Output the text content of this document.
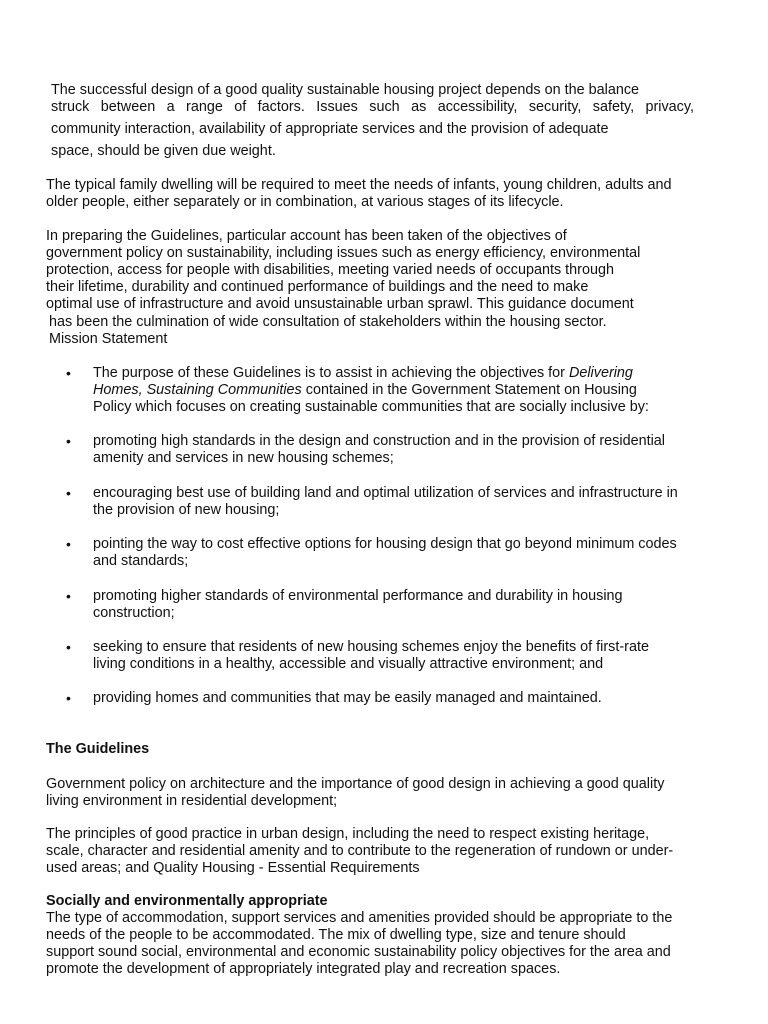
The successful design of a good quality sustainable housing project depends on the balance

struck between a range of factors. Issues such as accessibility, security, safety, privacy,

community interaction, availability of appropriate services and the provision of adequate

space, should be given due weight.

The typical family dwelling will be required to meet the needs of infants, young children, adults and

older people, either separately or in combination, at various stages of its lifecycle.

In preparing the Guidelines, particular account has been taken of the objectives of

government policy on sustainability, including issues such as energy efficiency, environmental

protection, access for people with disabilities, meeting varied needs of occupants through

their lifetime, durability and continued performance of buildings and the need to make

optimal use of infrastructure and avoid unsustainable urban sprawl. This guidance document

has been the culmination of wide consultation of stakeholders within the housing sector.

Mission Statement

• The purpose of these Guidelines is to assist in achieving the objectives for Delivering

Homes, Sustaining Communities contained in the Government Statement on Housing

Policy which focuses on creating sustainable communities that are socially inclusive by:

• promoting high standards in the design and construction and in the provision of residential

amenity and services in new housing schemes;

• encouraging best use of building land and optimal utilization of services and infrastructure in

the provision of new housing;

• pointing the way to cost effective options for housing design that go beyond minimum codes

and standards;

• promoting higher standards of environmental performance and durability in housing

construction;

• seeking to ensure that residents of new housing schemes enjoy the benefits of first-rate

living conditions in a healthy, accessible and visually attractive environment; and

• providing homes and communities that may be easily managed and maintained.

The Guidelines

Government policy on architecture and the importance of good design in achieving a good quality

living environment in residential development;

The principles of good practice in urban design, including the need to respect existing heritage,

scale, character and residential amenity and to contribute to the regeneration of rundown or under-

used areas; and Quality Housing - Essential Requirements

Socially and environmentally appropriate

The type of accommodation, support services and amenities provided should be appropriate to the

needs of the people to be accommodated. The mix of dwelling type, size and tenure should

support sound social, environmental and economic sustainability policy objectives for the area and

promote the development of appropriately integrated play and recreation spaces.
